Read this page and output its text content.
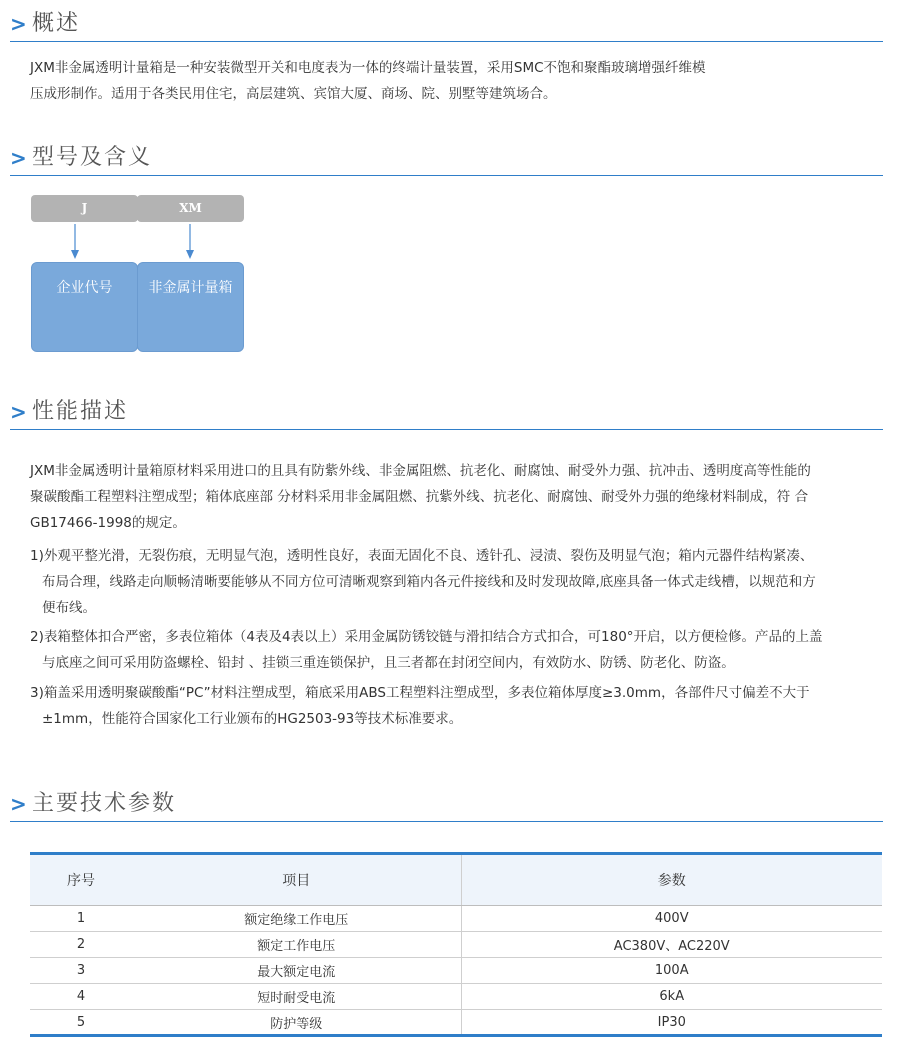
> 概述

JXM非金属透明计量箱是一种安装微型开关和电度表为一体的终端计量装置，采用SMC不饱和聚酯玻璃增强纤维模

压成形制作。适用于各类民用住宅，高层建筑、宾馆大厦、商场、院、别墅等建筑场合。

> 型号及含义
J	XM
企业代号	非金属计量箱
> 性能描述

JXM非金属透明计量箱原材料采用进口的且具有防紫外线、非金属阻燃、抗老化、耐腐蚀、耐受外力强、抗冲击、透明度高等性能的

聚碳酸酯工程塑料注塑成型；箱体底座部 分材料采用非金属阻燃、抗紫外线、抗老化、耐腐蚀、耐受外力强的绝缘材料制成，符 合

GB17466-1998的规定。

1)外观平整光滑，无裂伤痕，无明显气泡，透明性良好，表面无固化不良、透针孔、浸渍、裂伤及明显气泡；箱内元器件结构紧凑、

布局合理，线路走向顺畅清晰要能够从不同方位可清晰观察到箱内各元件接线和及时发现故障,底座具备一体式走线槽，以规范和方

便布线。

2)表箱整体扣合严密，多表位箱体（4表及4表以上）采用金属防锈铰链与滑扣结合方式扣合，可180°开启，以方便检修。产品的上盖

与底座之间可采用防盗螺栓、铅封 、挂锁三重连锁保护，且三者都在封闭空间内，有效防水、防锈、防老化、防盗。

3)箱盖采用透明聚碳酸酯“PC”材料注塑成型，箱底采用ABS工程塑料注塑成型，多表位箱体厚度≥3.0mm，各部件尺寸偏差不大于

±1mm，性能符合国家化工行业颁布的HG2503-93等技术标准要求。

> 主要技术参数
序号	项目	参数
1	额定绝缘工作电压	400V
2	额定工作电压	AC380V、AC220V
3	最大额定电流	100A
4	短时耐受电流	6kA
5	防护等级	IP30
